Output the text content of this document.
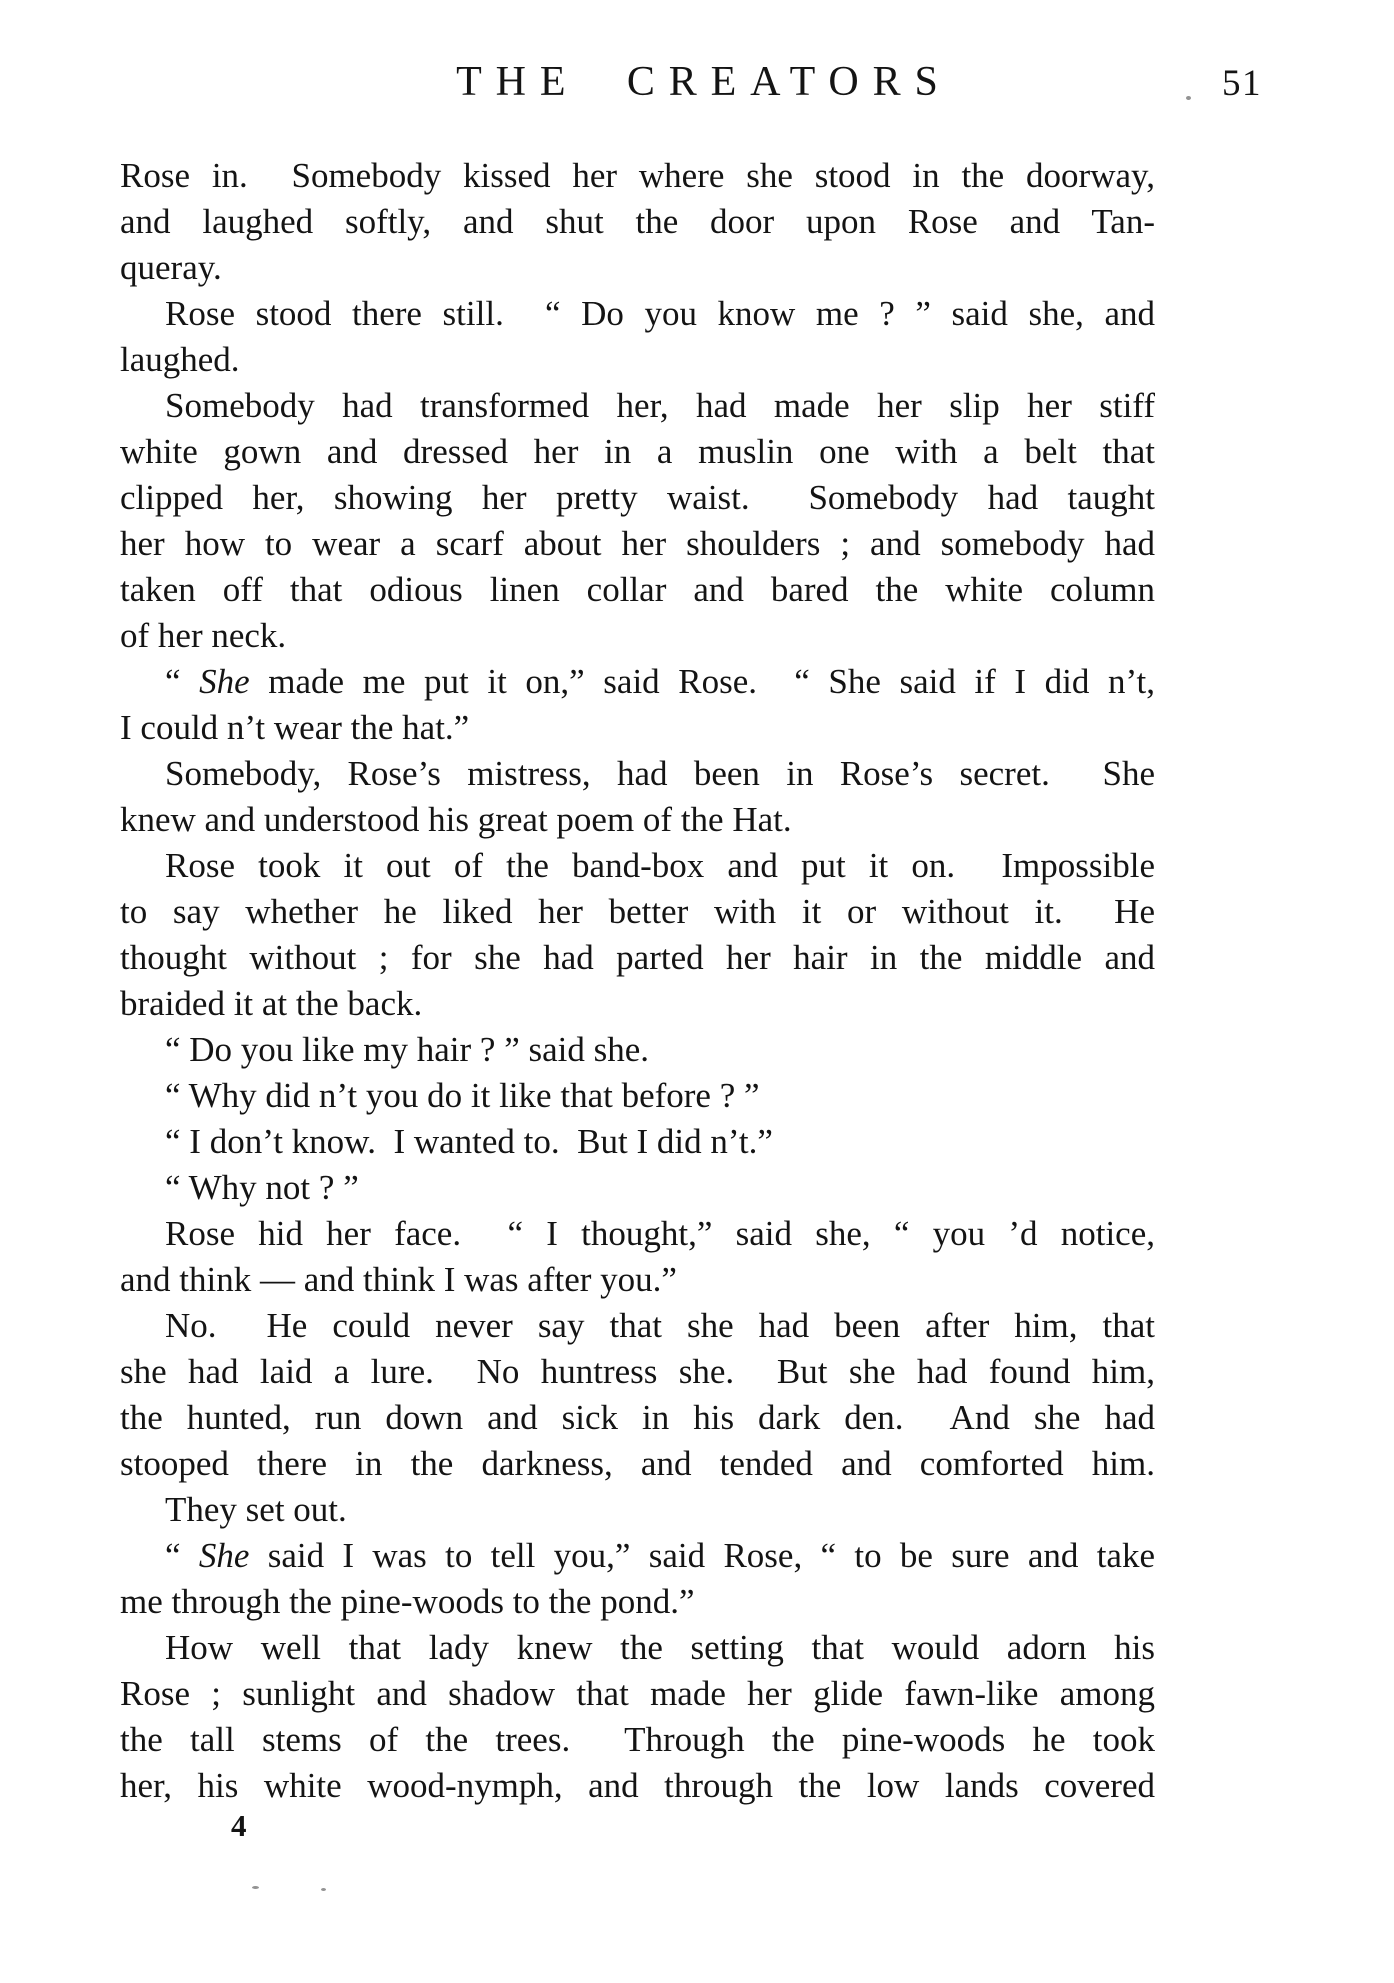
THE CREATORS	51
Rose in.  Somebody kissed her where she stood in the doorway,
and laughed softly, and shut the door upon Rose and Tan-
queray.
Rose stood there still.  “ Do you know me ? ” said she, and
laughed.
Somebody had transformed her, had made her slip her stiff
white gown and dressed her in a muslin one with a belt that
clipped her, showing her pretty waist.  Somebody had taught
her how to wear a scarf about her shoulders ; and somebody had
taken off that odious linen collar and bared the white column
of her neck.
“ She made me put it on,” said Rose.  “ She said if I did n’t,
I could n’t wear the hat.”
Somebody, Rose’s mistress, had been in Rose’s secret.  She
knew and understood his great poem of the Hat.
Rose took it out of the band-box and put it on.  Impossible
to say whether he liked her better with it or without it.  He
thought without ; for she had parted her hair in the middle and
braided it at the back.
“ Do you like my hair ? ” said she.
“ Why did n’t you do it like that before ? ”
“ I don’t know.  I wanted to.  But I did n’t.”
“ Why not ? ”
Rose hid her face.  “ I thought,” said she, “ you ’d notice,
and think — and think I was after you.”
No.  He could never say that she had been after him, that
she had laid a lure.  No huntress she.  But she had found him,
the hunted, run down and sick in his dark den.  And she had
stooped there in the darkness, and tended and comforted him.
They set out.
“ She said I was to tell you,” said Rose, “ to be sure and take
me through the pine-woods to the pond.”
How well that lady knew the setting that would adorn his
Rose ; sunlight and shadow that made her glide fawn-like among
the tall stems of the trees.  Through the pine-woods he took
her, his white wood-nymph, and through the low lands covered
4
